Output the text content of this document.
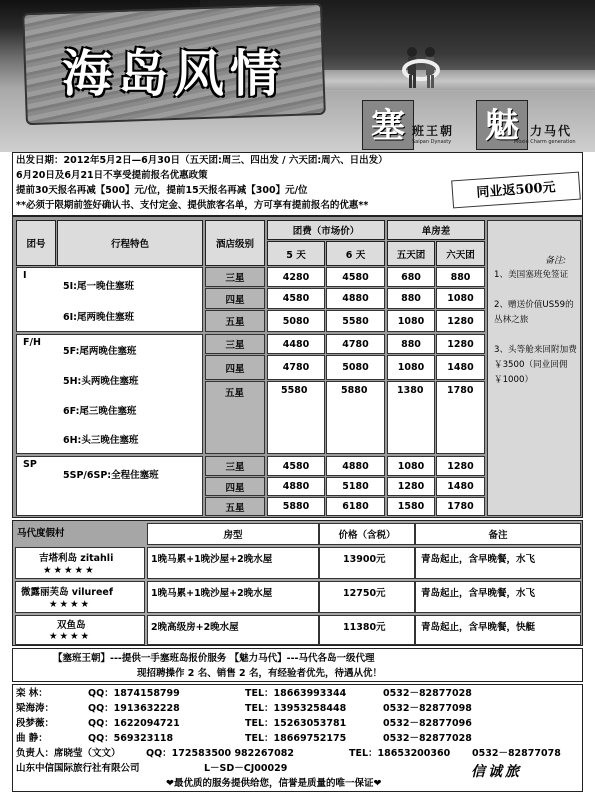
海岛风情
塞 班王朝
Saipan Dynasty 魅 力马代
Moxie Charm generation

出发日期：2012年5月2日—6月30日（五天团:周三、四出发 / 六天团:周六、日出发）

6月20日及6月21日不享受提前报名优惠政策

提前30天报名再减【500】元/位，提前15天报名再减【300】元/位

**必须于限期前签好确认书、支付定金、提供旅客名单，方可享有提前报名的优惠**

同业返500元
团号	行程特色	酒店级别
团费（市场价）
5 天	6 天
单房差
五天团	六天团
I
5I:尾一晚住塞班
6I:尾两晚住塞班
三星	4280	4580	680	880
四星	4580	4880	880	1080
五星	5080	5580	1080	1280
F/H
5F:尾两晚住塞班
5H:头两晚住塞班
6F:尾三晚住塞班
6H:头三晚住塞班
三星	4480	4780	880	1280
四星	4780	5080	1080	1480
五星	5580	5880	1380 1780
SP
5SP/6SP:全程住塞班
三星	4580	4880	1080	1280
四星	4880	5180	1280	1480
五星	5880	6180	1580	1780
备注:
1、美国塞班免签证
2、赠送价值US59的丛林之旅
3、头等舱来回附加费￥3500（同业回佣￥1000）
马代度假村	房型	价格（含税）	备注
吉塔利岛 zitahli
★★★★★
1晚马累+1晚沙屋+2晚水屋	13900元	青岛起止，含早晚餐，水飞
微露丽芙岛 vilureef
★★★★
1晚马累+1晚沙屋+2晚水屋	12750元	青岛起止，含早晚餐，水飞
双鱼岛
★★★★
2晚高级房+2晚水屋	11380元	青岛起止，含早晚餐，快艇

【塞班王朝】---提供一手塞班岛报价服务 【魅力马代】---马代各岛一级代理

现招聘操作 2 名、销售 2 名，有经验者优先，待遇从优！

栾 林：	QQ：1874158799	TEL：18663993344	0532－82877028
梁海涛：	QQ：1913632228	TEL：13953258448	0532－82877098
段梦薇：	QQ：1622094721	TEL：15263053781	0532－82877096
曲 静：	QQ：569323118	TEL：18669752175	0532－82877028
负责人：席晓莹（文文）	QQ：172583500 982267082	TEL：18653200360 0532－82877078
山东中信国际旅行社有限公司	L－SD－CJ00029
❤最优质的服务提供给您，信誉是质量的唯一保证❤
信诚旅
